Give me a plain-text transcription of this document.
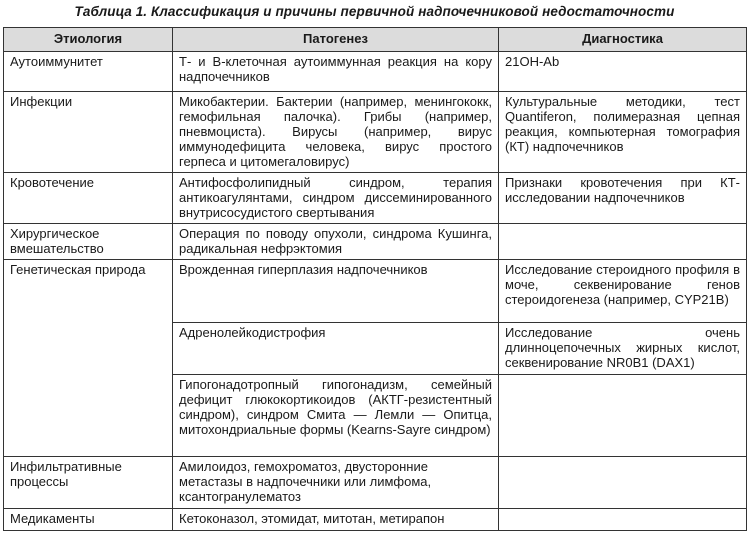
Таблица 1. Классификация и причины первичной надпочечниковой недостаточности
Этиология	Патогенез	Диагностика
Аутоиммунитет	Т- и В-клеточная аутоиммунная реакция на кору надпочечников	21OH-Ab
Инфекции	Микобактерии. Бактерии (например, менингококк, гемофильная палочка). Грибы (например, пневмоциста). Вирусы (например, вирус иммунодефицита человека, вирус простого герпеса и цитомегаловирус)	Культуральные методики, тест Quantiferon, полимеразная цепная реакция, компьютерная томография (КТ) надпочечников
Кровотечение	Антифосфолипидный синдром, терапия антикоагулянтами, синдром диссеминированного внутрисосудистого свертывания	Признаки кровотечения при КТ-исследовании надпочечников
Хирургическое вмешательство	Операция по поводу опухоли, синдрома Кушинга, радикальная нефрэктомия	
Генетическая природа	Врожденная гиперплазия надпочечников	Исследование стероидного профиля в моче, секвенирование генов стероидогенеза (например, CYP21B)
	Адренолейкодистрофия	Исследование очень длинноцепочечных жирных кислот, секвенирование NR0B1 (DAX1)
	Гипогонадотропный гипогонадизм, семейный дефицит глюкокортикоидов (АКТГ-резистентный синдром), синдром Смита — Лемли — Опитца, митохондриальные формы (Kearns-Sayre синдром)	
Инфильтративные процессы	Амилоидоз, гемохроматоз, двусторонние метастазы в надпочечники или лимфома, ксантогранулематоз	
Медикаменты	Кетоконазол, этомидат, митотан, метирапон	
